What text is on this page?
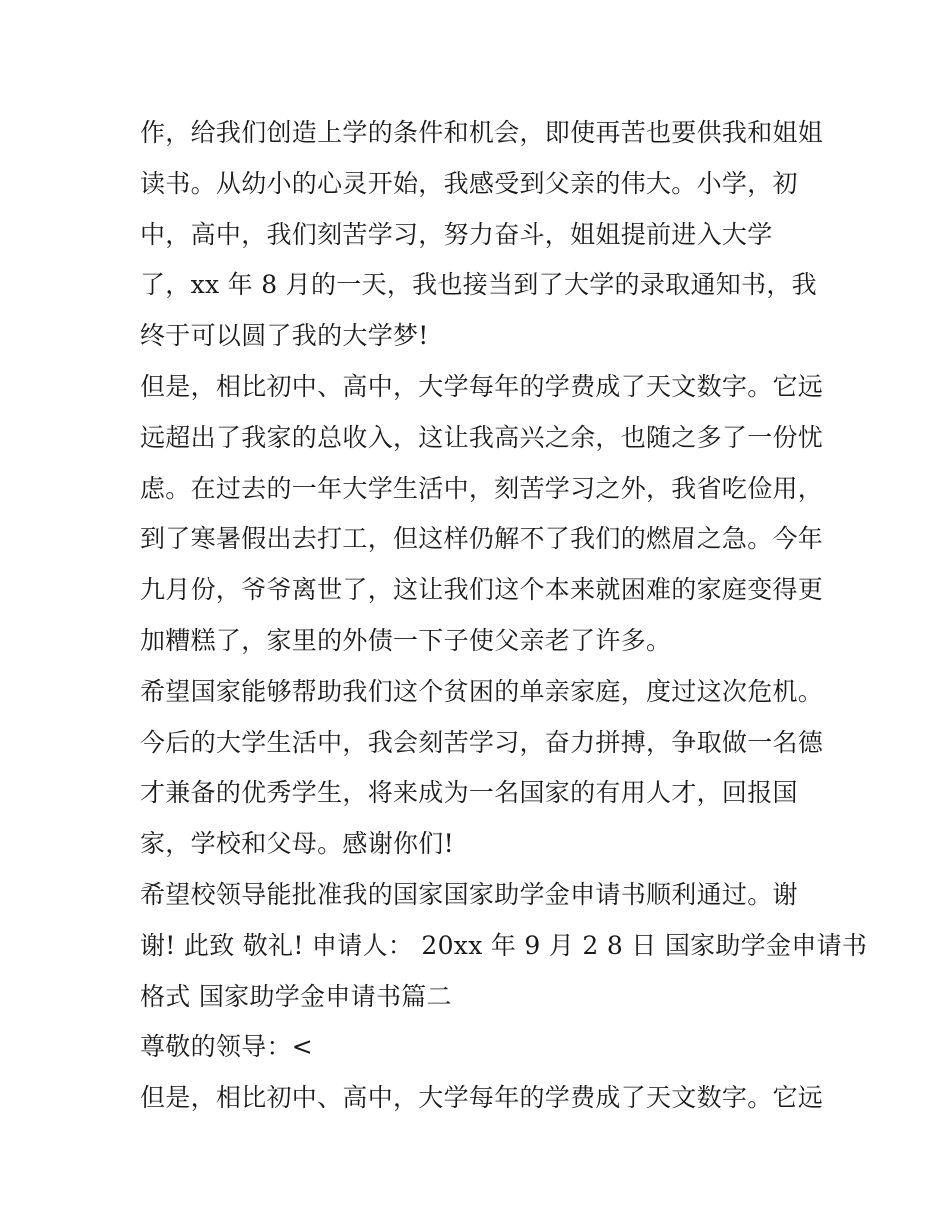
作，给我们创造上学的条件和机会，即使再苦也要供我和姐姐
读书。从幼小的心灵开始，我感受到父亲的伟大。小学，初
中，高中，我们刻苦学习，努力奋斗，姐姐提前进入大学
了，xx 年 8 月的一天，我也接当到了大学的录取通知书，我
终于可以圆了我的大学梦!
但是，相比初中、高中，大学每年的学费成了天文数字。它远
远超出了我家的总收入，这让我高兴之余，也随之多了一份忧
虑。在过去的一年大学生活中，刻苦学习之外，我省吃俭用，
到了寒暑假出去打工，但这样仍解不了我们的燃眉之急。今年
九月份，爷爷离世了，这让我们这个本来就困难的家庭变得更
加糟糕了，家里的外债一下子使父亲老了许多。
希望国家能够帮助我们这个贫困的单亲家庭，度过这次危机。
今后的大学生活中，我会刻苦学习，奋力拼搏，争取做一名德
才兼备的优秀学生，将来成为一名国家的有用人才，回报国
家，学校和父母。感谢你们!
希望校领导能批准我的国家国家助学金申请书顺利通过。谢
谢! 此致 敬礼! 申请人： 20xx 年 9 月 2 8 日 国家助学金申请书
格式 国家助学金申请书篇二
尊敬的领导：<
但是，相比初中、高中，大学每年的学费成了天文数字。它远
